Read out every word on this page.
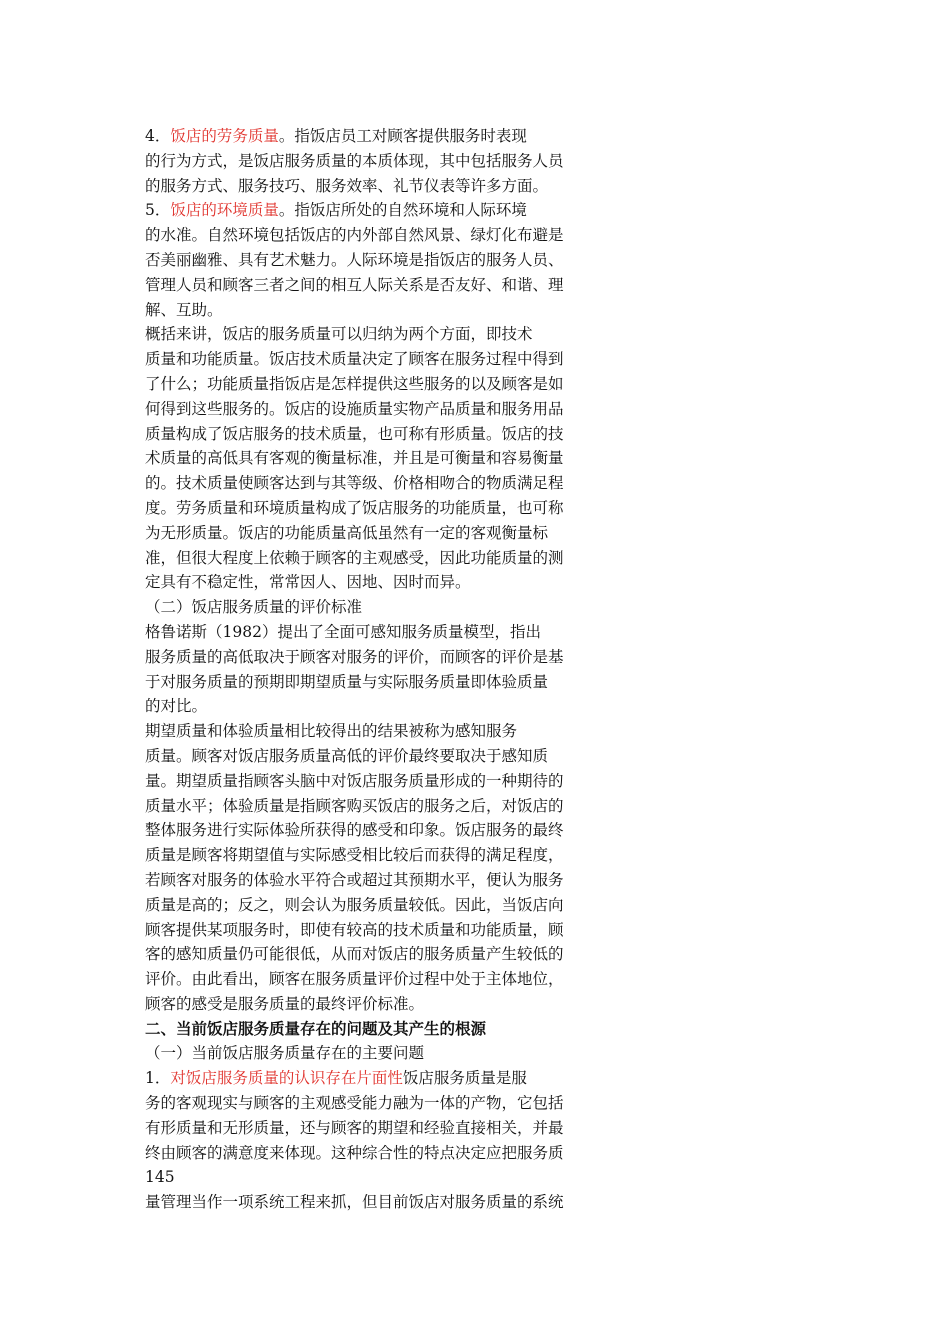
4．饭店的劳务质量。指饭店员工对顾客提供服务时表现
的行为方式，是饭店服务质量的本质体现，其中包括服务人员
的服务方式、服务技巧、服务效率、礼节仪表等许多方面。
5．饭店的环境质量。指饭店所处的自然环境和人际环境
的水准。自然环境包括饭店的内外部自然风景、绿灯化布避是
否美丽幽雅、具有艺术魅力。人际环境是指饭店的服务人员、
管理人员和顾客三者之间的相互人际关系是否友好、和谐、理
解、互助。
概括来讲，饭店的服务质量可以归纳为两个方面，即技术
质量和功能质量。饭店技术质量决定了顾客在服务过程中得到
了什么；功能质量指饭店是怎样提供这些服务的以及顾客是如
何得到这些服务的。饭店的设施质量实物产品质量和服务用品
质量构成了饭店服务的技术质量，也可称有形质量。饭店的技
术质量的高低具有客观的衡量标准，并且是可衡量和容易衡量
的。技术质量使顾客达到与其等级、价格相吻合的物质满足程
度。劳务质量和环境质量构成了饭店服务的功能质量，也可称
为无形质量。饭店的功能质量高低虽然有一定的客观衡量标
准，但很大程度上依赖于顾客的主观感受，因此功能质量的测
定具有不稳定性，常常因人、因地、因时而异。
（二）饭店服务质量的评价标准
格鲁诺斯（1982）提出了全面可感知服务质量模型，指出
服务质量的高低取决于顾客对服务的评价，而顾客的评价是基
于对服务质量的预期即期望质量与实际服务质量即体验质量
的对比。
期望质量和体验质量相比较得出的结果被称为感知服务
质量。顾客对饭店服务质量高低的评价最终要取决于感知质
量。期望质量指顾客头脑中对饭店服务质量形成的一种期待的
质量水平；体验质量是指顾客购买饭店的服务之后，对饭店的
整体服务进行实际体验所获得的感受和印象。饭店服务的最终
质量是顾客将期望值与实际感受相比较后而获得的满足程度，
若顾客对服务的体验水平符合或超过其预期水平，便认为服务
质量是高的；反之，则会认为服务质量较低。因此，当饭店向
顾客提供某项服务时，即使有较高的技术质量和功能质量，顾
客的感知质量仍可能很低，从而对饭店的服务质量产生较低的
评价。由此看出，顾客在服务质量评价过程中处于主体地位，
顾客的感受是服务质量的最终评价标准。
二、当前饭店服务质量存在的问题及其产生的根源
（一）当前饭店服务质量存在的主要问题
1．对饭店服务质量的认识存在片面性饭店服务质量是服
务的客观现实与顾客的主观感受能力融为一体的产物，它包括
有形质量和无形质量，还与顾客的期望和经验直接相关，并最
终由顾客的满意度来体现。这种综合性的特点决定应把服务质
145
量管理当作一项系统工程来抓，但目前饭店对服务质量的系统
